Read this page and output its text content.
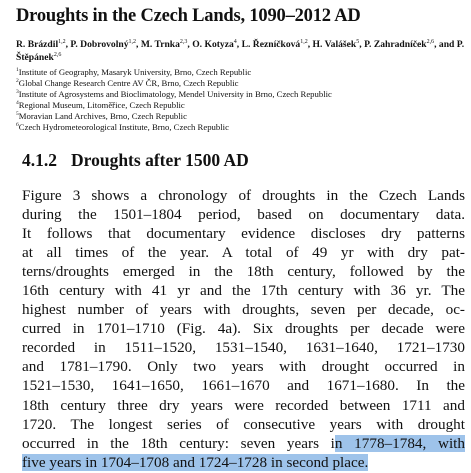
Droughts in the Czech Lands, 1090–2012 AD
R. Brázdil$^{1,2}$, P. Dobrovolný$^{1,2}$, M. Trnka$^{2,3}$, O. Kotyza$^4$, L. Řezníčková$^{1,2}$, H. Valášek$^5$, P. Zahradníček$^{2,6}$, and P. Štěpánek$^{2,6}$
$^1$Institute of Geography, Masaryk University, Brno, Czech Republic
$^2$Global Change Research Centre AV ČR, Brno, Czech Republic
$^3$Institute of Agrosystems and Bioclimatology, Mendel University in Brno, Czech Republic
$^4$Regional Museum, Litoměřice, Czech Republic
$^5$Moravian Land Archives, Brno, Czech Republic
$^6$Czech Hydrometeorological Institute, Brno, Czech Republic
4.1.2 Droughts after 1500 AD
Figure 3 shows a chronology of droughts in the Czech Lands
during the 1501–1804 period, based on documentary data.
It follows that documentary evidence discloses dry patterns
at all times of the year. A total of 49 yr with dry pat-
terns/droughts emerged in the 18th century, followed by the
16th century with 41 yr and the 17th century with 36 yr. The
highest number of years with droughts, seven per decade, oc-
curred in 1701–1710 (Fig. 4a). Six droughts per decade were
recorded in 1511–1520, 1531–1540, 1631–1640, 1721–1730
and 1781–1790. Only two years with drought occurred in
1521–1530, 1641–1650, 1661–1670 and 1671–1680. In the
18th century three dry years were recorded between 1711 and
1720. The longest series of consecutive years with drought
occurred in the 18th century: seven years in 1778–1784, with
five years in 1704–1708 and 1724–1728 in second place.
